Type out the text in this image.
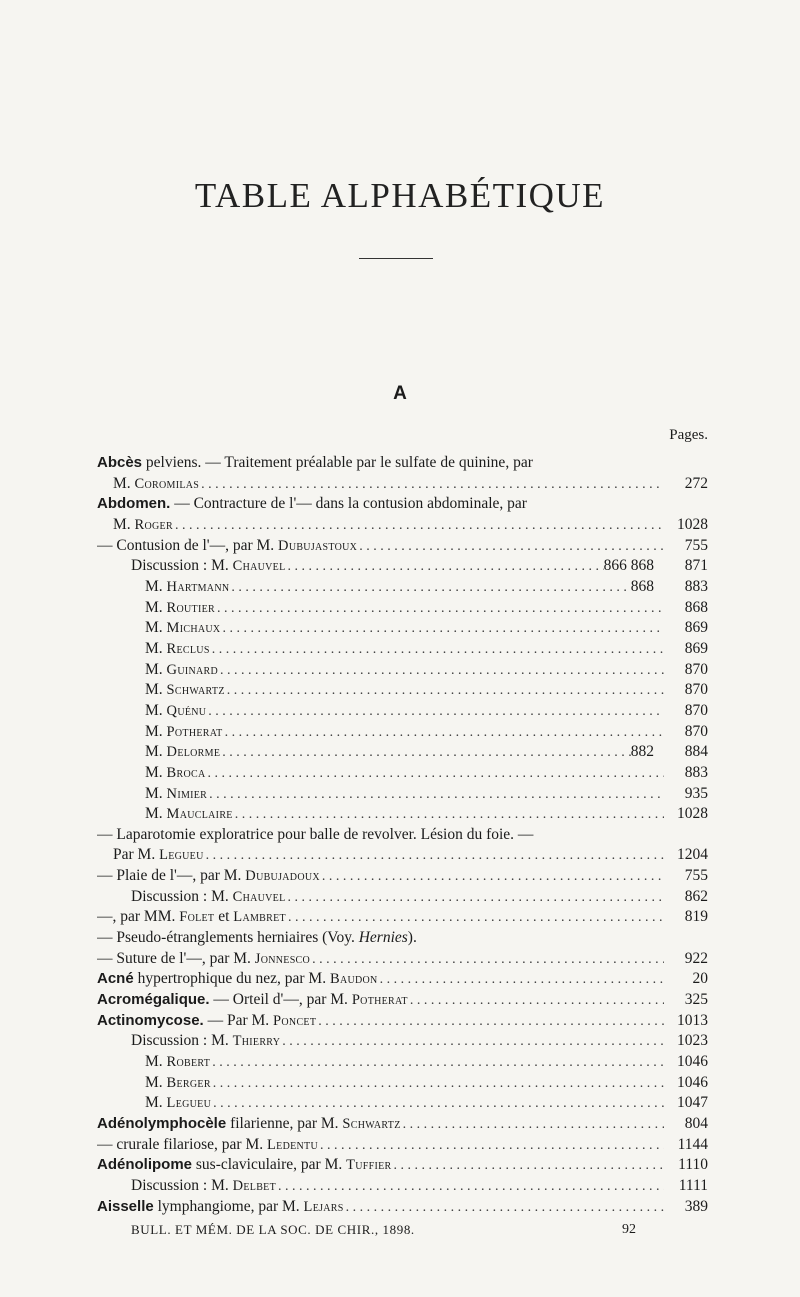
TABLE ALPHABÉTIQUE
A
Pages.
Abcès pelviens. — Traitement préalable par le sulfate de quinine, par
M. Coromilas . . .	272
Abdomen. — Contracture de l'— dans la contusion abdominale, par
M. Roger . . .	1028
— Contusion de l'—, par M. Dubujastoux . . .	755
Discussion : M. Chauvel . . .	866 868	871
M. Hartmann . . .	868	883
M. Routier . . .	868
M. Michaux . . .	869
M. Reclus . . .	869
M. Guinard . . .	870
M. Schwartz . . .	870
M. Quénu . . .	870
M. Potherat . . .	870
M. Delorme . . .	882	884
M. Broca . . .	883
M. Nimier . . .	935
M. Mauclaire . . .	1028
— Laparotomie exploratrice pour balle de revolver. Lésion du foie. —
Par M. Legueu . . .	1204
— Plaie de l'—, par M. Dubujadoux . . .	755
Discussion : M. Chauvel . . .	862
—, par MM. Folet et Lambret . . .	819
— Pseudo-étranglements herniaires (Voy. Hernies).
— Suture de l'—, par M. Jonnesco . . .	922
Acné hypertrophique du nez, par M. Baudon . . .	20
Acromégalique. — Orteil d'—, par M. Potherat . . .	325
Actinomycose. — Par M. Poncet . . .	1013
Discussion : M. Thierry . . .	1023
M. Robert . . .	1046
M. Berger . . .	1046
M. Legueu . . .	1047
Adénolymphocèle filarienne, par M. Schwartz . . .	804
— crurale filariose, par M. Ledentu . . .	1144
Adénolipome sus-claviculaire, par M. Tuffier . . .	1110
Discussion : M. Delbet . . .	1111
Aisselle lymphangiome, par M. Lejars . . .	389
BULL. ET MÉM. DE LA SOC. DE CHIR., 1898.	92
